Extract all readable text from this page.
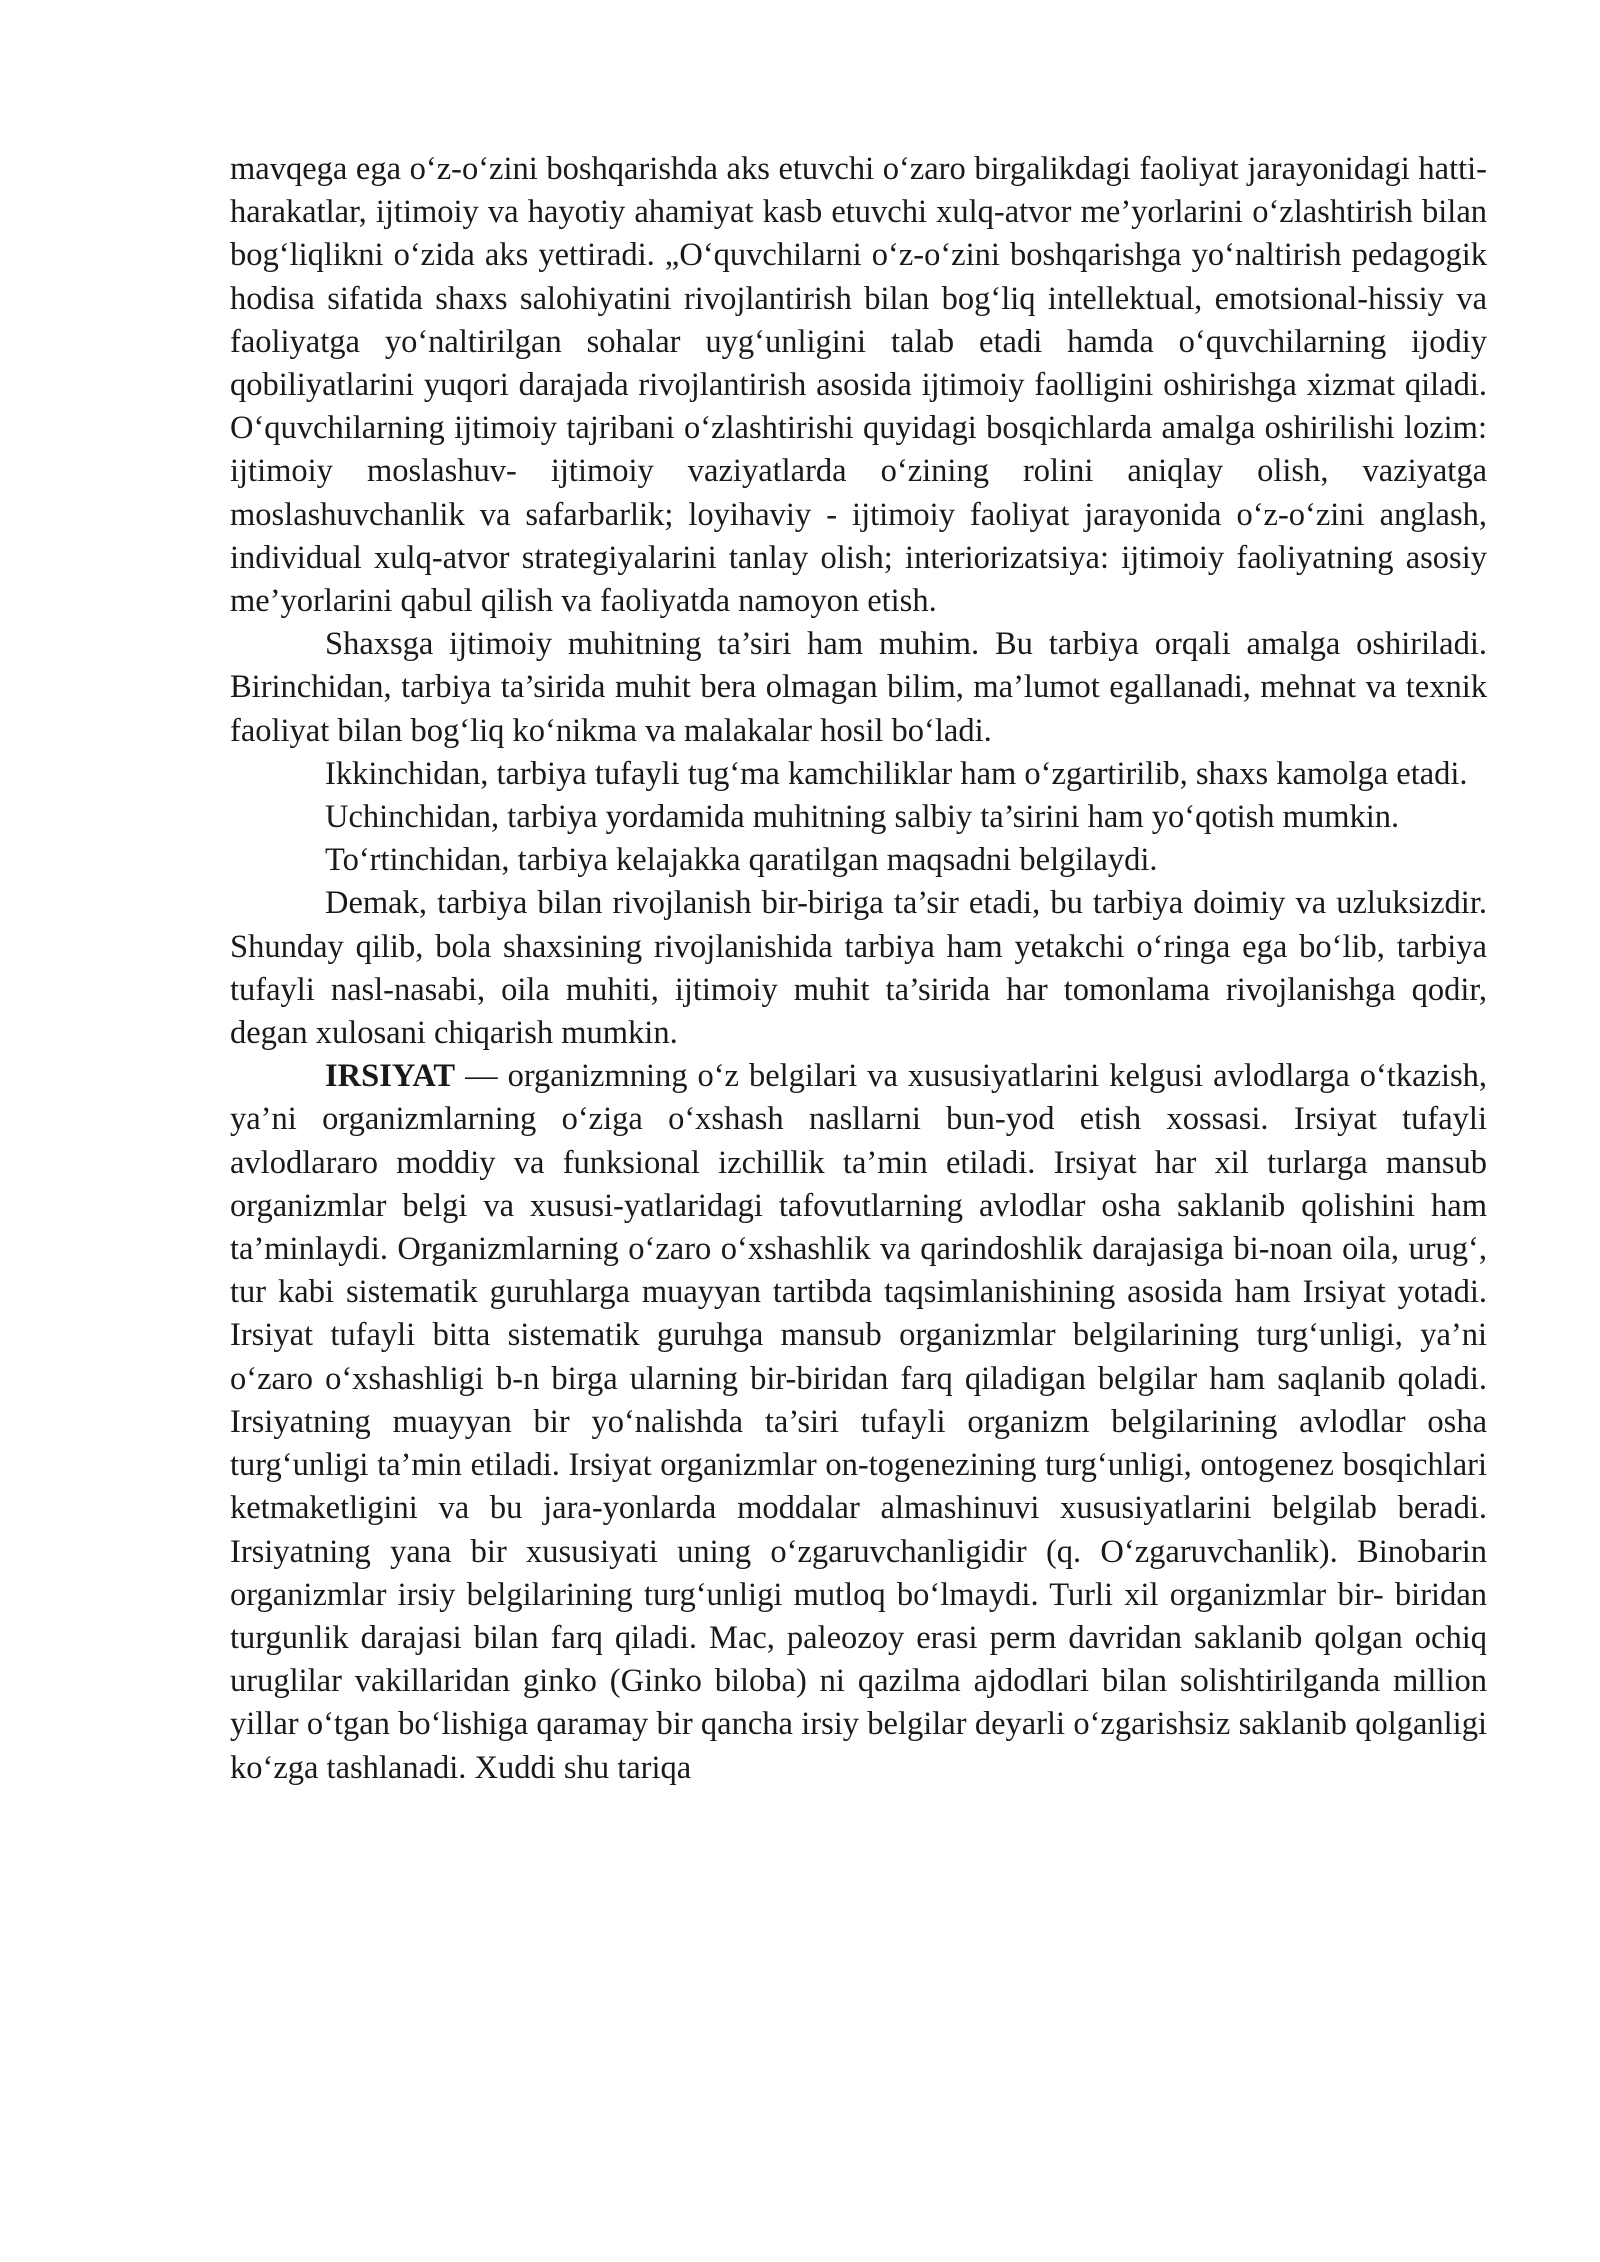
mavqega ega o‘z-o‘zini boshqarishda aks etuvchi o‘zaro birgalikdagi faoliyat jarayonidagi hatti-harakatlar, ijtimoiy va hayotiy ahamiyat kasb etuvchi xulq-atvor me’yorlarini o‘zlashtirish bilan bog‘liqlikni o‘zida aks yettiradi. „O‘quvchilarni o‘z-o‘zini boshqarishga yo‘naltirish pedagogik hodisa sifatida shaxs salohiyatini rivojlantirish bilan bog‘liq intellektual, emotsional-hissiy va faoliyatga yo‘naltirilgan sohalar uyg‘unligini talab etadi hamda o‘quvchilarning ijodiy qobiliyatlarini yuqori darajada rivojlantirish asosida ijtimoiy faolligini oshirishga xizmat qiladi. O‘quvchilarning ijtimoiy tajribani o‘zlashtirishi quyidagi bosqichlarda amalga oshirilishi lozim: ijtimoiy moslashuv- ijtimoiy vaziyatlarda o‘zining rolini aniqlay olish, vaziyatga moslashuvchanlik va safarbarlik; loyihaviy - ijtimoiy faoliyat jarayonida o‘z-o‘zini anglash, individual xulq-atvor strategiyalarini tanlay olish; interiorizatsiya: ijtimoiy faoliyatning asosiy me’yorlarini qabul qilish va faoliyatda namoyon etish.

Shaxsga ijtimoiy muhitning ta’siri ham muhim. Bu tarbiya orqali amalga oshiriladi. Birinchidan, tarbiya ta’sirida muhit bera olmagan bilim, ma’lumot egallanadi, mehnat va texnik faoliyat bilan bog‘liq ko‘nikma va malakalar hosil bo‘ladi.

Ikkinchidan, tarbiya tufayli tug‘ma kamchiliklar ham o‘zgartirilib, shaxs kamolga etadi.

Uchinchidan, tarbiya yordamida muhitning salbiy ta’sirini ham yo‘qotish mumkin.

To‘rtinchidan, tarbiya kelajakka qaratilgan maqsadni belgilaydi.

Demak, tarbiya bilan rivojlanish bir-biriga ta’sir etadi, bu tarbiya doimiy va uzluksizdir. Shunday qilib, bola shaxsining rivojlanishida tarbiya ham yetakchi o‘ringa ega bo‘lib, tarbiya tufayli nasl-nasabi, oila muhiti, ijtimoiy muhit ta’sirida har tomonlama rivojlanishga qodir, degan xulosani chiqarish mumkin.

IRSIYAT — organizmning o‘z belgilari va xususiyatlarini kelgusi avlodlarga o‘tkazish, ya’ni organizmlarning o‘ziga o‘xshash nasllarni bun-yod etish xossasi. Irsiyat tufayli avlodlararo moddiy va funksional izchillik ta’min etiladi. Irsiyat har xil turlarga mansub organizmlar belgi va xususi-yatlaridagi tafovutlarning avlodlar osha saklanib qolishini ham ta’minlaydi. Organizmlarning o‘zaro o‘xshashlik va qarindoshlik darajasiga bi-noan oila, urug‘, tur kabi sistematik guruhlarga muayyan tartibda taqsimlanishining asosida ham Irsiyat yotadi. Irsiyat tufayli bitta sistematik guruhga mansub organizmlar belgilarining turg‘unligi, ya’ni o‘zaro o‘xshashligi b-n birga ularning bir-biridan farq qiladigan belgilar ham saqlanib qoladi. Irsiyatning muayyan bir yo‘nalishda ta’siri tufayli organizm belgilarining avlodlar osha turg‘unligi ta’min etiladi. Irsiyat organizmlar on-togenezining turg‘unligi, ontogenez bosqichlari ketmaketligini va bu jara-yonlarda moddalar almashinuvi xususiyatlarini belgilab beradi. Irsiyatning yana bir xususiyati uning o‘zgaruvchanligidir (q. O‘zgaruvchanlik). Binobarin organizmlar irsiy belgilarining turg‘unligi mutloq bo‘lmaydi. Turli xil organizmlar bir- biridan turgunlik darajasi bilan farq qiladi. Mac, paleozoy erasi perm davridan saklanib qolgan ochiq uruglilar vakillaridan ginko (Ginko biloba) ni qazilma ajdodlari bilan solishtirilganda million yillar o‘tgan bo‘lishiga qaramay bir qancha irsiy belgilar deyarli o‘zgarishsiz saklanib qolganligi ko‘zga tashlanadi. Xuddi shu tariqa
